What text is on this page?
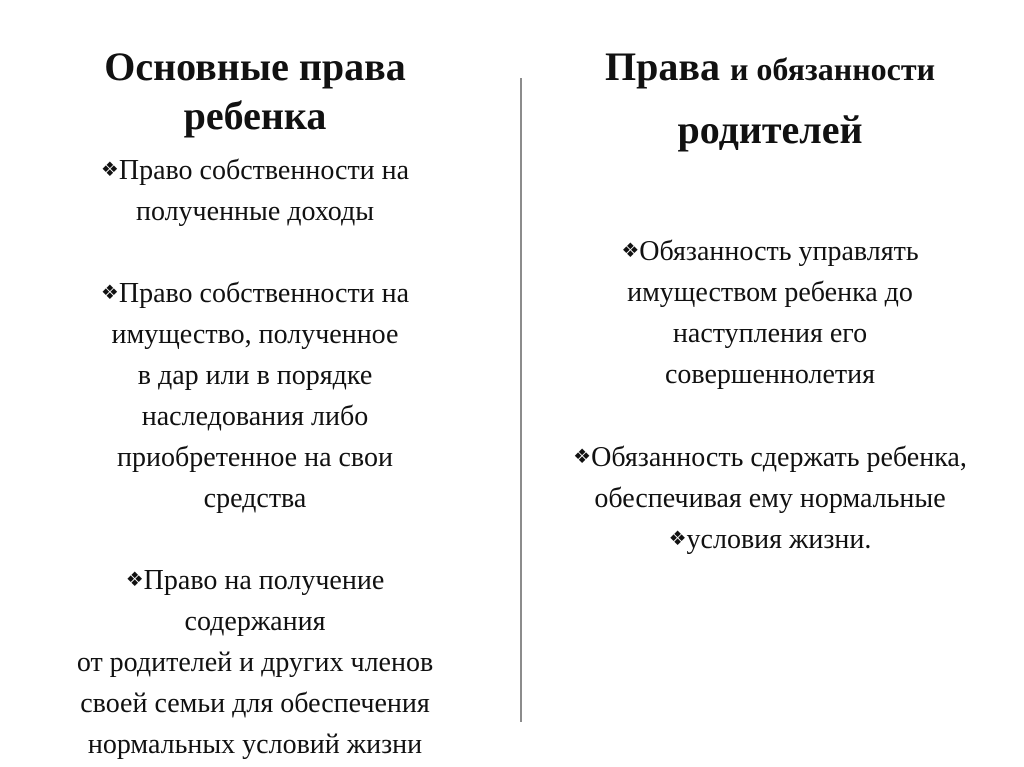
Основные права
ребенка
❖Право собственности на
полученные доходы
❖Право собственности на
имущество, полученное
в дар или в порядке
наследования либо
приобретенное на свои
средства
❖Право на получение
содержания
от родителей и других членов
своей семьи для обеспечения
нормальных условий жизни
Права и обязанности
родителей
❖Обязанность управлять
имуществом ребенка до
наступления его
совершеннолетия
❖Обязанность сдержать ребенка,
обеспечивая ему нормальные
❖условия жизни.
